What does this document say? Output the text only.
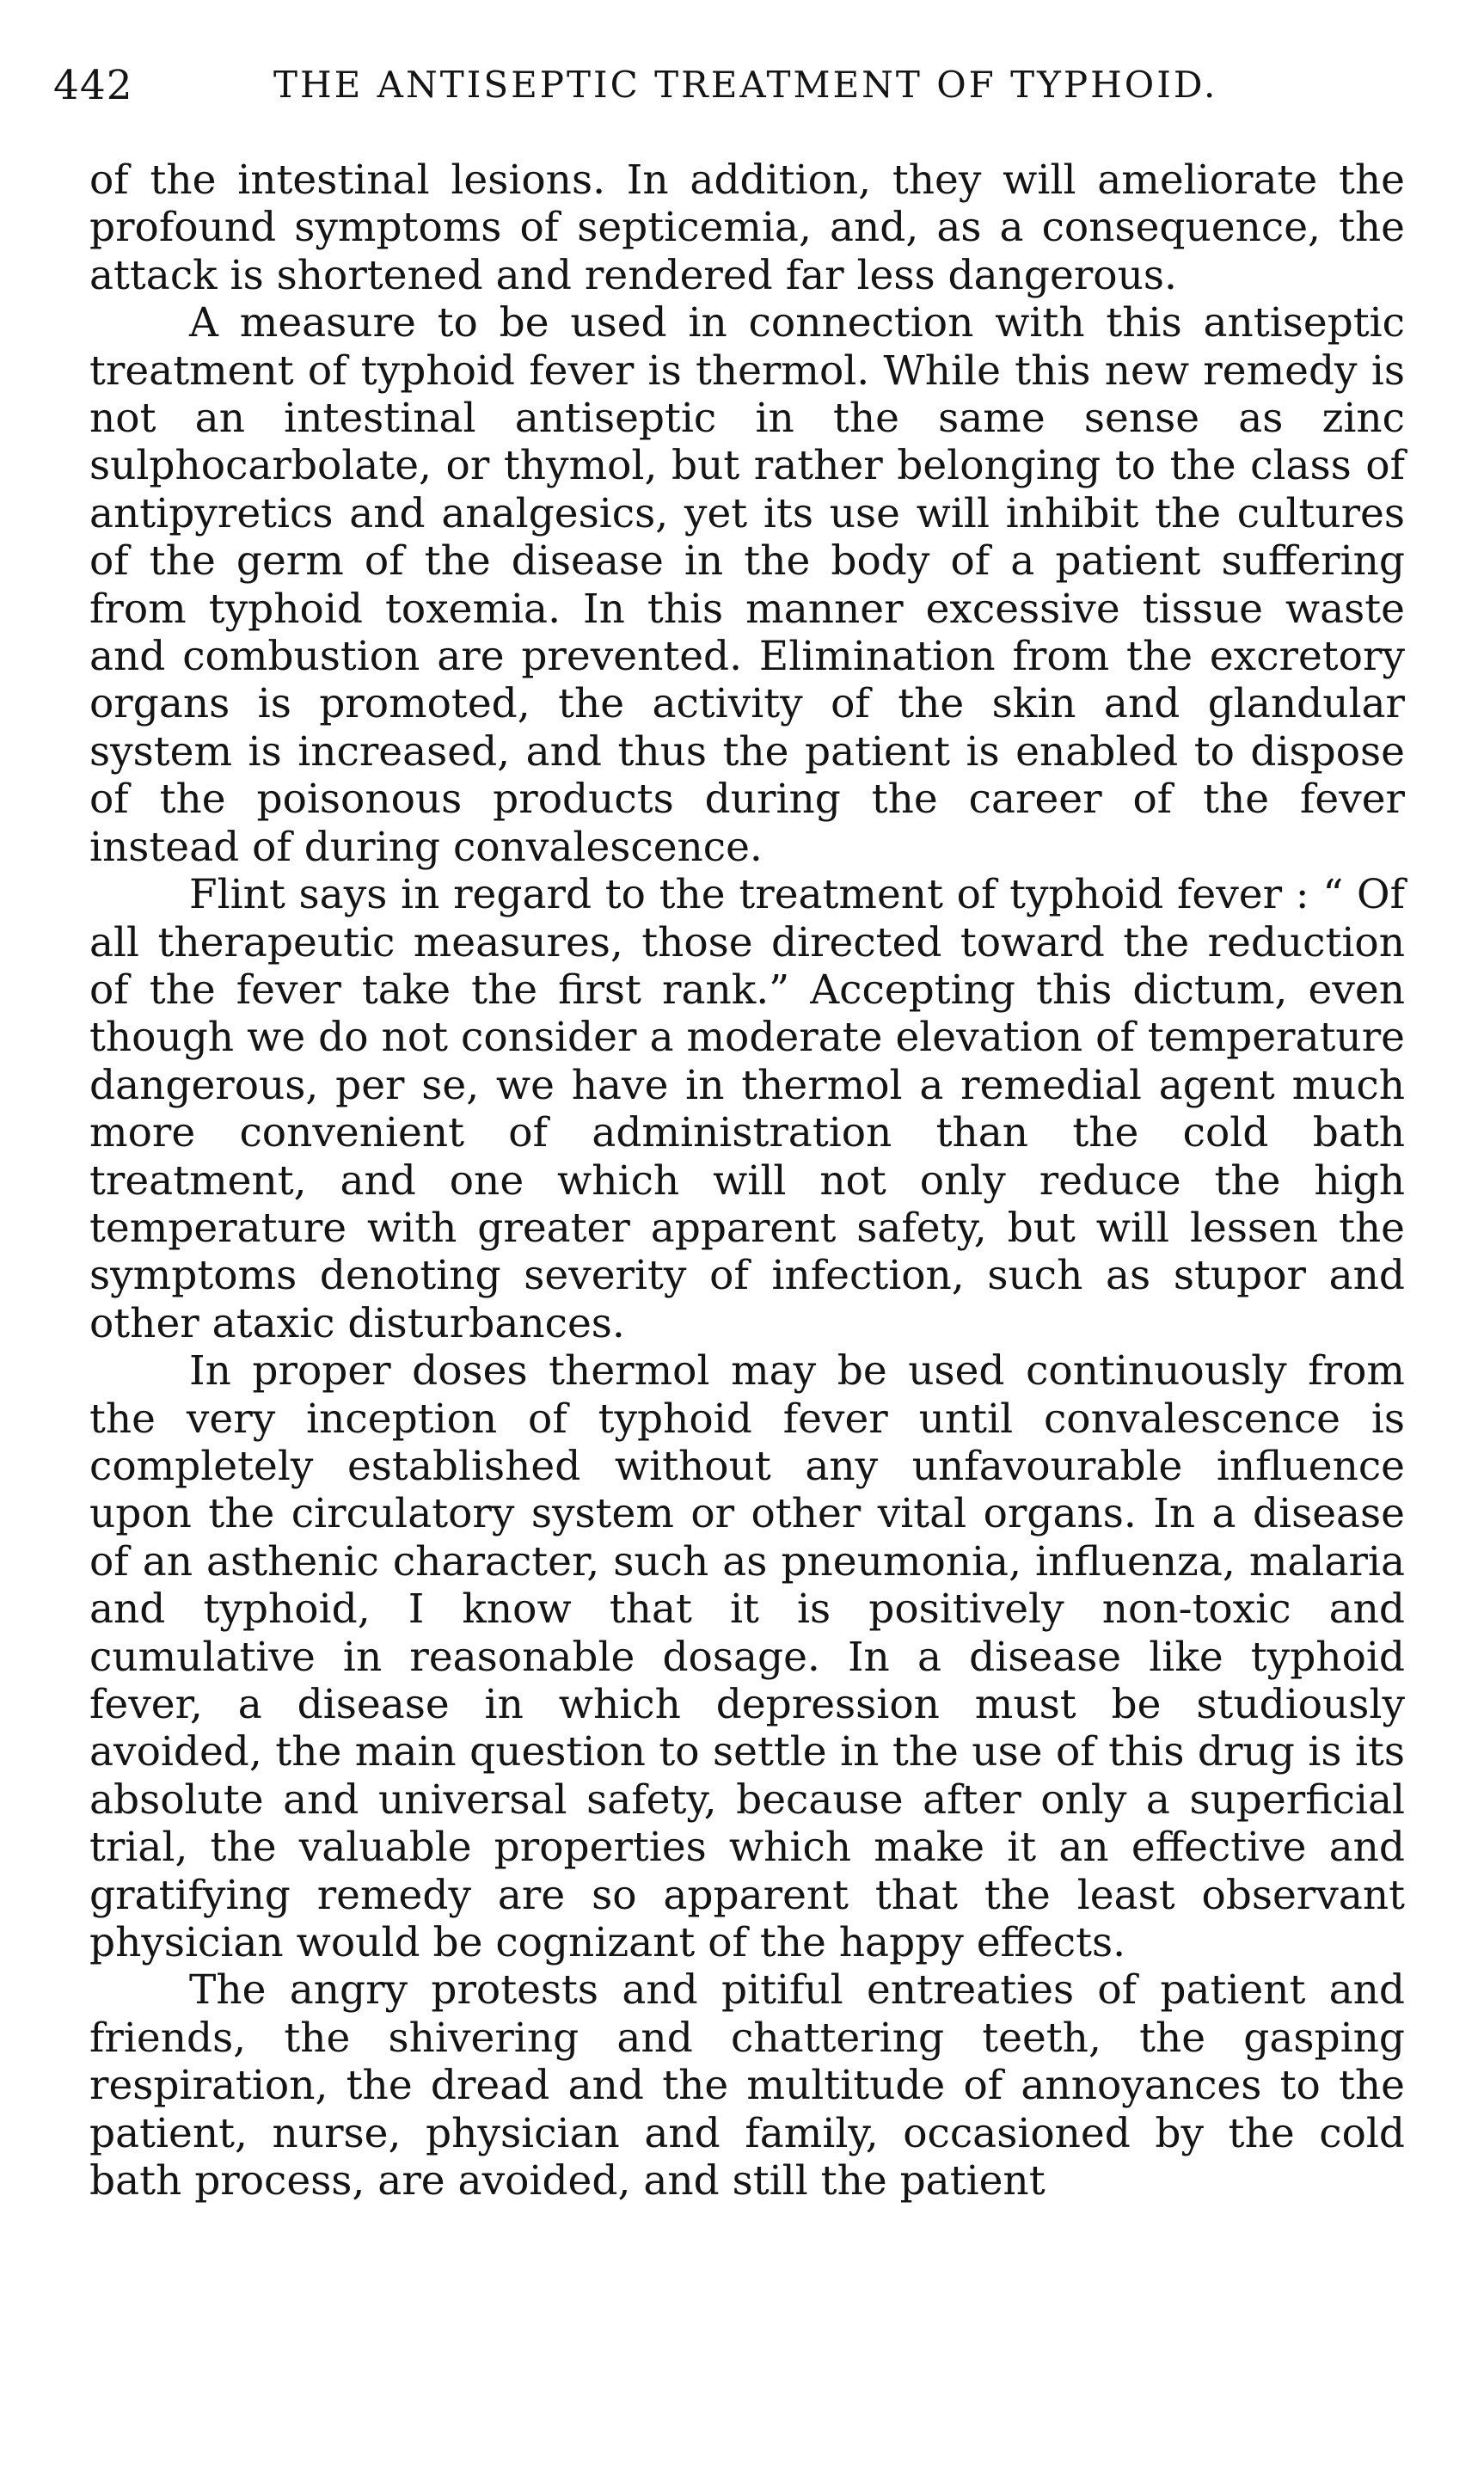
442	THE ANTISEPTIC TREATMENT OF TYPHOID.

of the intestinal lesions. In addition, they will ameliorate the profound symptoms of septicemia, and, as a consequence, the attack is shortened and rendered far less dangerous.

A measure to be used in connection with this antiseptic treatment of typhoid fever is thermol. While this new remedy is not an intestinal antiseptic in the same sense as zinc sulphocarbolate, or thymol, but rather belonging to the class of antipyretics and analgesics, yet its use will inhibit the cultures of the germ of the disease in the body of a patient suffering from typhoid toxemia. In this manner excessive tissue waste and combustion are prevented. Elimination from the excretory organs is promoted, the activity of the skin and glandular system is increased, and thus the patient is enabled to dispose of the poisonous products during the career of the fever instead of during convalescence.

Flint says in regard to the treatment of typhoid fever : “ Of all therapeutic measures, those directed toward the reduction of the fever take the first rank.” Accepting this dictum, even though we do not consider a moderate elevation of temperature dangerous, per se, we have in thermol a remedial agent much more convenient of administration than the cold bath treatment, and one which will not only reduce the high temperature with greater apparent safety, but will lessen the symptoms denoting severity of infection, such as stupor and other ataxic disturbances.

In proper doses thermol may be used continuously from the very inception of typhoid fever until convalescence is completely established without any unfavourable influence upon the circulatory system or other vital organs. In a disease of an asthenic character, such as pneumonia, influenza, malaria and typhoid, I know that it is positively non-toxic and cumulative in reasonable dosage. In a disease like typhoid fever, a disease in which depression must be studiously avoided, the main question to settle in the use of this drug is its absolute and universal safety, because after only a superficial trial, the valuable properties which make it an effective and gratifying remedy are so apparent that the least observant physician would be cognizant of the happy effects.

The angry protests and pitiful entreaties of patient and friends, the shivering and chattering teeth, the gasping respiration, the dread and the multitude of annoyances to the patient, nurse, physician and family, occasioned by the cold bath process, are avoided, and still the patient
